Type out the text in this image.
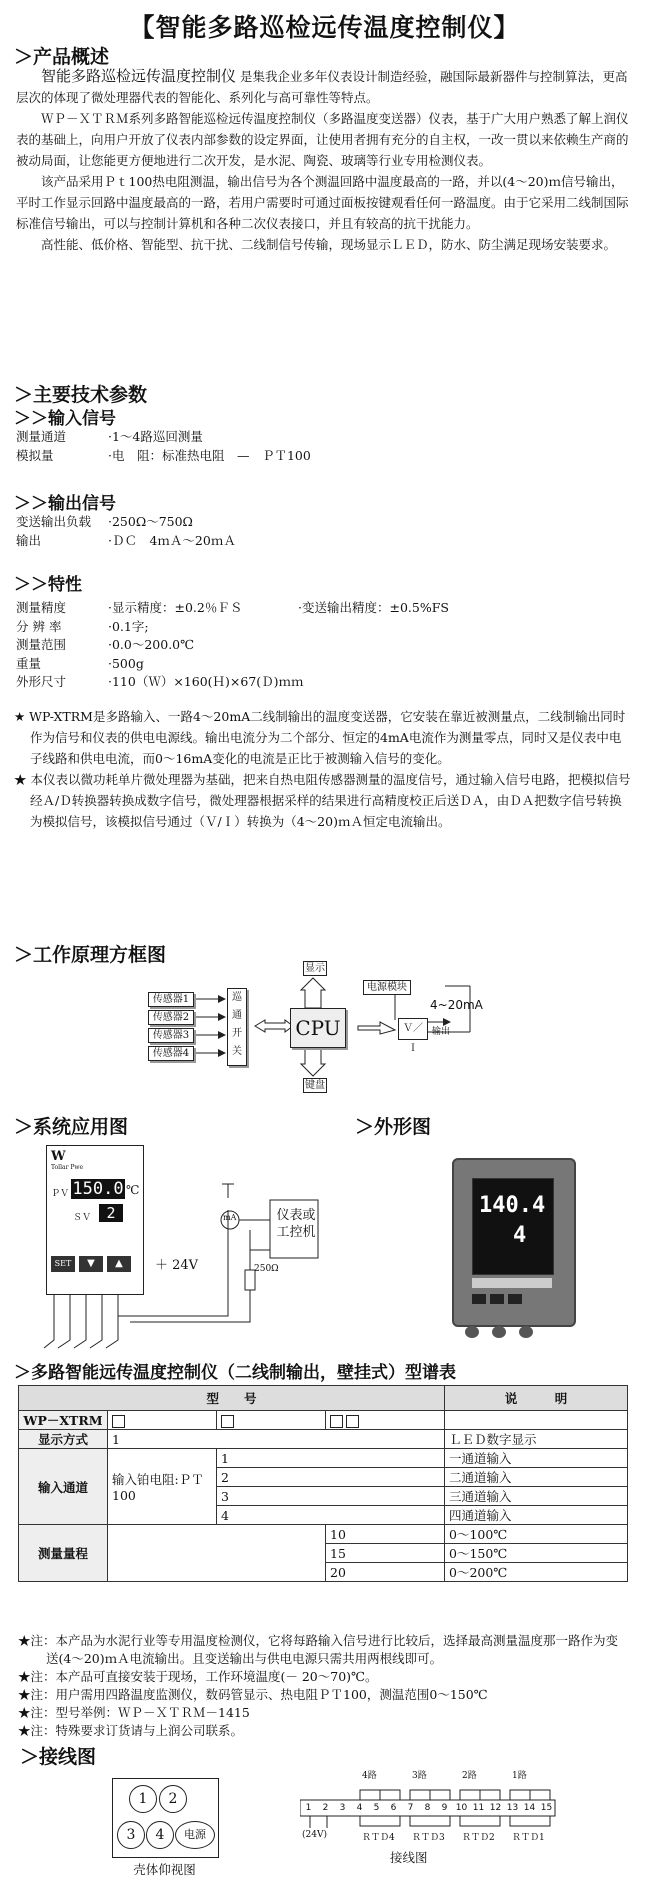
【智能多路巡检远传温度控制仪】
＞产品概述

智能多路巡检远传温度控制仪 是集我企业多年仪表设计制造经验，融国际最新器件与控制算法，更高层次的体现了微处理器代表的智能化、系列化与高可靠性等特点。

ＷＰ－ＸＴＲＭ系列多路智能巡检远传温度控制仪（多路温度变送器）仪表，基于广大用户熟悉了解上润仪表的基础上，向用户开放了仪表内部参数的设定界面，让使用者拥有充分的自主权，一改一贯以来依赖生产商的被动局面，让您能更方便地进行二次开发，是水泥、陶瓷、玻璃等行业专用检测仪表。

该产品采用Ｐｔ100热电阻测温，输出信号为各个测温回路中温度最高的一路，并以(4～20)ｍ信号输出，平时工作显示回路中温度最高的一路，若用户需要时可通过面板按键观看任何一路温度。由于它采用二线制国际标准信号输出，可以与控制计算机和各种二次仪表接口，并且有较高的抗干扰能力。

高性能、低价格、智能型、抗干扰、二线制信号传输，现场显示ＬＥＤ，防水、防尘满足现场安装要求。

＞主要技术参数
＞＞输入信号
测量通道	·1～4路巡回测量
模拟量	·电　阻：标准热电阻　—　ＰＴ100
＞＞输出信号
变送输出负载 ·250Ω～750Ω
输出	·ＤＣ　4ｍＡ～20ｍＡ
＞＞特性
测量精度	·显示精度：±0.2％ＦＳ	·变送输出精度：±0.5%FS
分 辨 率	·0.1字;
测量范围	·0.0～200.0℃
重量	·500g
外形尺寸	·110（Ｗ）×160(Ｈ)×67(Ｄ)ｍｍ

★ WP-XTRM是多路输入、一路4～20mA二线制输出的温度变送器，它安装在靠近被测量点，二线制输出同时作为信号和仪表的供电电源线。输出电流分为二个部分、恒定的4mA电流作为测量零点，同时又是仪表中电子线路和供电电流，而0～16mA变化的电流是正比于被测输入信号的变化。

★ 本仪表以微功耗单片微处理器为基础，把来自热电阻传感器测量的温度信号，通过输入信号电路，把模拟信号经Ａ/Ｄ转换器转换成数字信号，微处理器根据采样的结果进行高精度校正后送ＤＡ，由ＤＡ把数字信号转换为模拟信号，该模拟信号通过（Ｖ/Ｉ）转换为（4～20)ｍＡ恒定电流输出。

＞工作原理方框图
传感器1
传感器2
传感器3
传感器4
巡通开关
CPU
显示
键盘
电源模块
Ｖ／Ｉ
输出
4~20mA
＞系统应用图
W
Tollar Pwe
ＰＶ 150.0 ℃
ＳＶ	2
SET	▼	▲
mA	仪表或工控机
＋ 24V	250Ω
＞外形图
140.4
4

＞多路智能远传温度控制仪（二线制输出，壁挂式）型谱表
型　　号				说　　　明
WP－XTRM				
显示方式	1			ＬＥＤ数字显示
输入通道	输入铂电阻:ＰＴ100	1		一通道输入
		2		二通道输入
		3		三通道输入
		4		四通道输入
测量量程			10	0～100℃
			15	0～150℃
			20	0～200℃

★注：本产品为水泥行业等专用温度检测仪，它将每路输入信号进行比较后，选择最高测量温度那一路作为变送(4～20)ｍＡ电流输出。且变送输出与供电电源只需共用两根线即可。

★注：本产品可直接安装于现场，工作环境温度(－ 20～70)℃。

★注：用户需用四路温度监测仪，数码管显示、热电阻ＰＴ100，测温范围0～150℃

★注：型号举例：ＷＰ－ＸＴＲＭ－1415

★注：特殊要求订货请与上润公司联系。

＞接线图
1	2
3	4	电源
壳体仰视图
4路	3路	2路	1路
1	2	3	4	5	6	7	8	9 10 11 12 13 14 15
(24V)	ＲＴＤ4 ＲＴＤ3 ＲＴＤ2 ＲＴＤ1
接线图
